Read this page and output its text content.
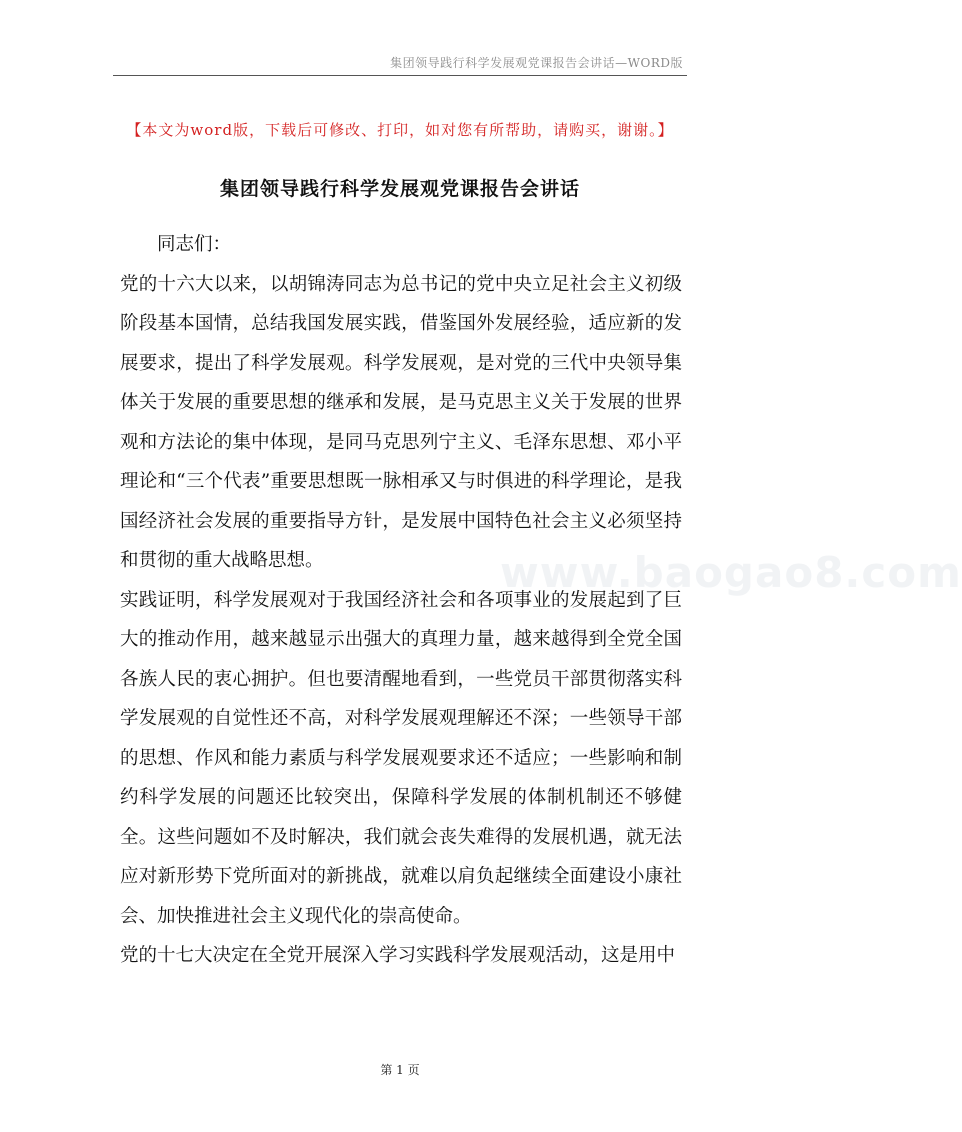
集团领导践行科学发展观党课报告会讲话—WORD版
【本文为word版，下载后可修改、打印，如对您有所帮助，请购买，谢谢。】
集团领导践行科学发展观党课报告会讲话

同志们：

党的十六大以来，以胡锦涛同志为总书记的党中央立足社会主义初级阶段基本国情，总结我国发展实践，借鉴国外发展经验，适应新的发展要求，提出了科学发展观。科学发展观，是对党的三代中央领导集体关于发展的重要思想的继承和发展，是马克思主义关于发展的世界观和方法论的集中体现，是同马克思列宁主义、毛泽东思想、邓小平理论和“三个代表”重要思想既一脉相承又与时俱进的科学理论，是我国经济社会发展的重要指导方针，是发展中国特色社会主义必须坚持和贯彻的重大战略思想。

实践证明，科学发展观对于我国经济社会和各项事业的发展起到了巨大的推动作用，越来越显示出强大的真理力量，越来越得到全党全国各族人民的衷心拥护。但也要清醒地看到，一些党员干部贯彻落实科学发展观的自觉性还不高，对科学发展观理解还不深；一些领导干部的思想、作风和能力素质与科学发展观要求还不适应；一些影响和制约科学发展的问题还比较突出，保障科学发展的体制机制还不够健全。这些问题如不及时解决，我们就会丧失难得的发展机遇，就无法应对新形势下党所面对的新挑战，就难以肩负起继续全面建设小康社会、加快推进社会主义现代化的崇高使命。

党的十七大决定在全党开展深入学习实践科学发展观活动，这是用中

www.baogao8.com
第 1 页
